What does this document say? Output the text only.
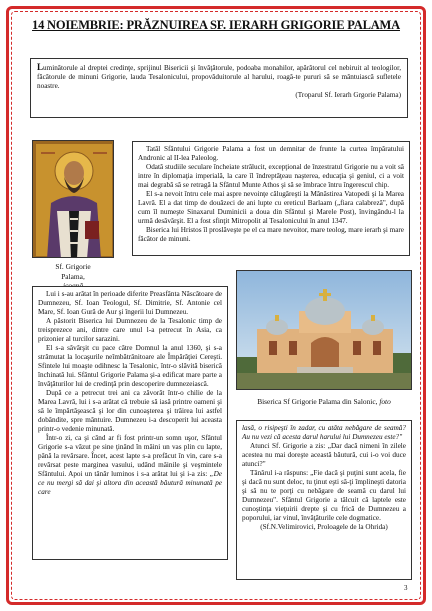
14 NOIEMBRIE: PRĂZNUIREA SF. IERARH GRIGORIE PALAMA

Luminătorule al dreptei credinţe, sprijinul Bisericii şi învăţătorule, podoaba monahilor, apărătorul cel nebiruit al teologilor, făcătorule de minuni Grigorie, lauda Tesalonicului, propovăduitorule al harului, roagă-te pururi să se mântuiască sufletele noastre.

(Troparul Sf. Ierarh Grgorie Palama)

Sf. Grigorie
Palama,

Tatăl Sfântului Grigorie Palama a fost un demnitar de frunte la curtea împăratului Andronic al II-lea Paleolog.

Odată studiile seculare încheiate strălucit, excepţional de înzestratul Grigorie nu a voit să intre în diplomaţia imperială, la care îl îndreptăţeau naşterea, educaţia şi geniul, ci a voit mai degrabă să se retragă la Sfântul Munte Athos şi să se îmbrace întru îngerescul chip.

El s-a nevoit întru cele mai aspre nevoinţe călugăreşti la Mănăstirea Vatopedi şi la Marea Lavră. El a dat timp de douăzeci de ani lupte cu ereticul Barlaam („fiara calabreză", după cum îl numeşte Sinaxarul Duminicii a doua din Sfântul şi Marele Post), învingându-l la urmă desăvârşit. El a fost sfinţit Mitropolit al Tesalonicului în anul 1347.

Biserica lui Hristos îl proslăveşte pe el ca mare nevoitor, mare teolog, mare ierarh şi mare făcător de minuni.

Lui i s-au arătat în perioade diferite Preasfânta Născătoare de Dumnezeu, Sf. Ioan Teologul, Sf. Dimitrie, Sf. Antonie cel Mare, Sf. Ioan Gură de Aur şi îngerii lui Dumnezeu.

A păstorit Biserica lui Dumnezeu de la Tesalonic timp de treisprezece ani, dintre care unul l-a petrecut în Asia, ca prizonier al turcilor sarazini.

El s-a săvârşit cu pace către Domnul la anul 1360, şi s-a strămutat la locaşurile neîmbătrânitoare ale Împărăţiei Cereşti. Sfintele lui moaşte odihnesc la Tesalonic, într-o slăvită biserică închinată lui. Sfântul Grigorie Palama şi-a edificat mare parte a învăţăturilor lui de credinţă prin descoperire dumnezeiască.

După ce a petrecut trei ani ca zăvorât într-o chilie de la Marea Lavră, lui i s-a arătat că trebuie să iasă printre oameni şi să le împărtăşească şi lor din cunoaşterea şi trăirea lui astfel dobândite, spre mântuire. Dumnezeu i-a descoperit lui aceasta printr-o vedenie minunată.

Într-o zi, ca şi când ar fi fost printr-un somn uşor, Sfântul Grigorie s-a văzut pe sine ţinând în mâini un vas plin cu lapte, până la revărsare. Încet, acest lapte s-a prefăcut în vin, care s-a revărsat peste marginea vasului, udând mâinile şi veşmintele Sfântului. Apoi un tânăr luminos i s-a arătat lui şi i-a zis: „De ce nu mergi să dai şi altora din această băutură minunată pe care

Biserica Sf Grigorie Palama din Salonic, foto

lasă, o risipeşti în zadar, cu atâta nebăgare de seamă? Au nu vezi că acesta darul harului lui Dumnezeu este?"

Atunci Sf. Grigorie a zis: „Dar dacă nimeni în zilele acestea nu mai doreşte această băutură, cui i-o voi duce atunci?"

Tânărul i-a răspuns: „Fie dacă şi puţini sunt acela, fie şi dacă nu sunt deloc, tu ţinut eşti să-ţi împlineşti datoria şi să nu te porţi cu nebăgare de seamă cu darul lui Dumnezeu". Sfântul Grigorie a tâlcuit că laptele este cunoştinţa vieţuirii drepte şi cu frică de Dumnezeu a poporului, iar vinul, învăţăturile cele dogmatice.

(Sf.N.Velimirovici, Proloagele de la Ohrida)

3
